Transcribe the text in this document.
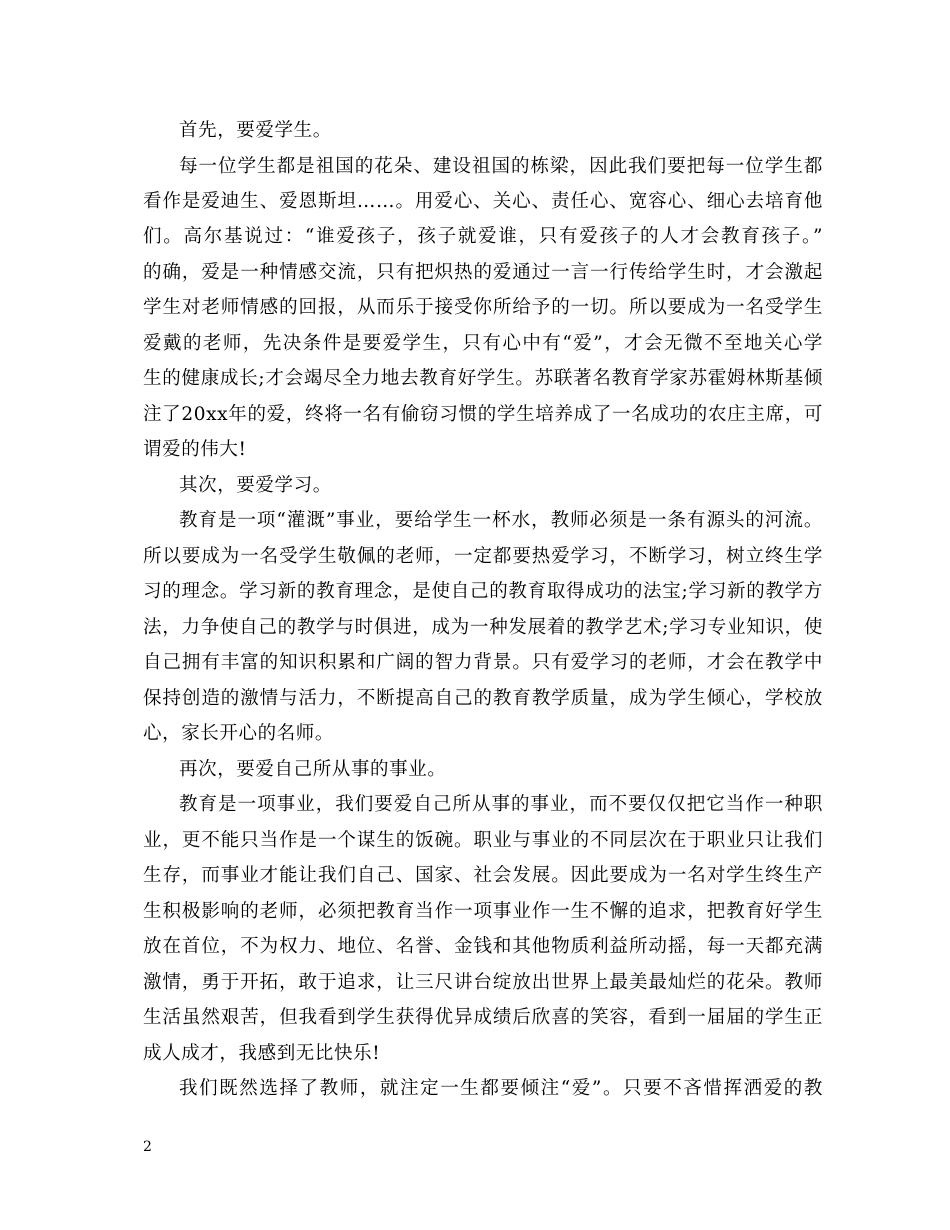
首先，要爱学生。
每一位学生都是祖国的花朵、建设祖国的栋梁，因此我们要把每一位学生都
看作是爱迪生、爱恩斯坦……。用爱心、关心、责任心、宽容心、细心去培育他
们。高尔基说过：“谁爱孩子，孩子就爱谁，只有爱孩子的人才会教育孩子。”
的确，爱是一种情感交流，只有把炽热的爱通过一言一行传给学生时，才会激起
学生对老师情感的回报，从而乐于接受你所给予的一切。所以要成为一名受学生
爱戴的老师，先决条件是要爱学生，只有心中有“爱”，才会无微不至地关心学
生的健康成长;才会竭尽全力地去教育好学生。苏联著名教育学家苏霍姆林斯基倾
注了20xx年的爱，终将一名有偷窃习惯的学生培养成了一名成功的农庄主席，可
谓爱的伟大!
其次，要爱学习。
教育是一项“灌溉”事业，要给学生一杯水，教师必须是一条有源头的河流。
所以要成为一名受学生敬佩的老师，一定都要热爱学习，不断学习，树立终生学
习的理念。学习新的教育理念，是使自己的教育取得成功的法宝;学习新的教学方
法，力争使自己的教学与时俱进，成为一种发展着的教学艺术;学习专业知识，使
自己拥有丰富的知识积累和广阔的智力背景。只有爱学习的老师，才会在教学中
保持创造的激情与活力，不断提高自己的教育教学质量，成为学生倾心，学校放
心，家长开心的名师。
再次，要爱自己所从事的事业。
教育是一项事业，我们要爱自己所从事的事业，而不要仅仅把它当作一种职
业，更不能只当作是一个谋生的饭碗。职业与事业的不同层次在于职业只让我们
生存，而事业才能让我们自己、国家、社会发展。因此要成为一名对学生终生产
生积极影响的老师，必须把教育当作一项事业作一生不懈的追求，把教育好学生
放在首位，不为权力、地位、名誉、金钱和其他物质利益所动摇，每一天都充满
激情，勇于开拓，敢于追求，让三尺讲台绽放出世界上最美最灿烂的花朵。教师
生活虽然艰苦，但我看到学生获得优异成绩后欣喜的笑容，看到一届届的学生正
成人成才，我感到无比快乐!
我们既然选择了教师，就注定一生都要倾注“爱”。只要不吝惜挥洒爱的教
2
